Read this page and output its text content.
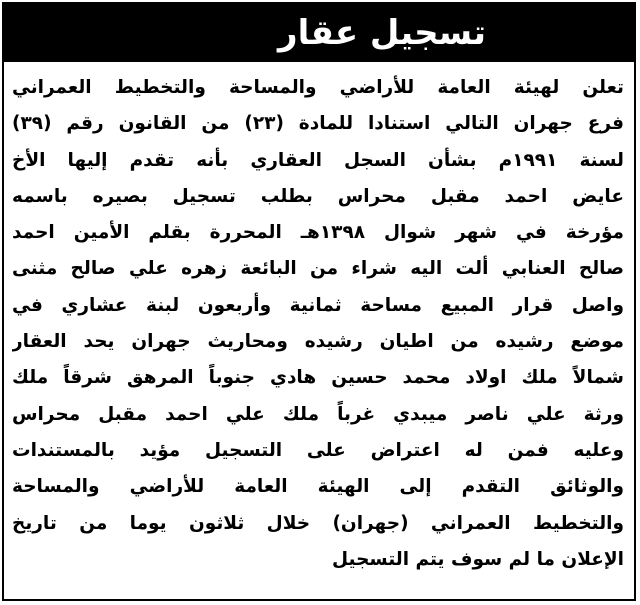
تسجيل عقار
تعلن لهيئة العامة للأراضي والمساحة والتخطيط العمراني
فرع جهران التالي استنادا للمادة (٢٣) من القانون رقم (٣٩)
لسنة ١٩٩١م بشأن السجل العقاري بأنه تقدم إليها الأخ
عايض احمد مقبل محراس بطلب تسجيل بصيره باسمه
مؤرخة في شهر شوال ١٣٩٨هـ المحررة بقلم الأمين احمد
صالح العنابي ألت اليه شراء من البائعة زهره علي صالح مثنى
واصل قرار المبيع مساحة ثمانية وأربعون لبنة عشاري في
موضع رشيده من اطيان رشيده ومحاريث جهران يحد العقار
شمالاً ملك اولاد محمد حسين هادي جنوباً المرهق شرقاً ملك
ورثة علي ناصر ميبدي غرباً ملك علي احمد مقبل محراس
وعليه فمن له اعتراض على التسجيل مؤيد بالمستندات
والوثائق التقدم إلى الهيئة العامة للأراضي والمساحة
والتخطيط العمراني (جهران) خلال ثلاثون يوما من تاريخ
الإعلان ما لم سوف يتم التسجيل
